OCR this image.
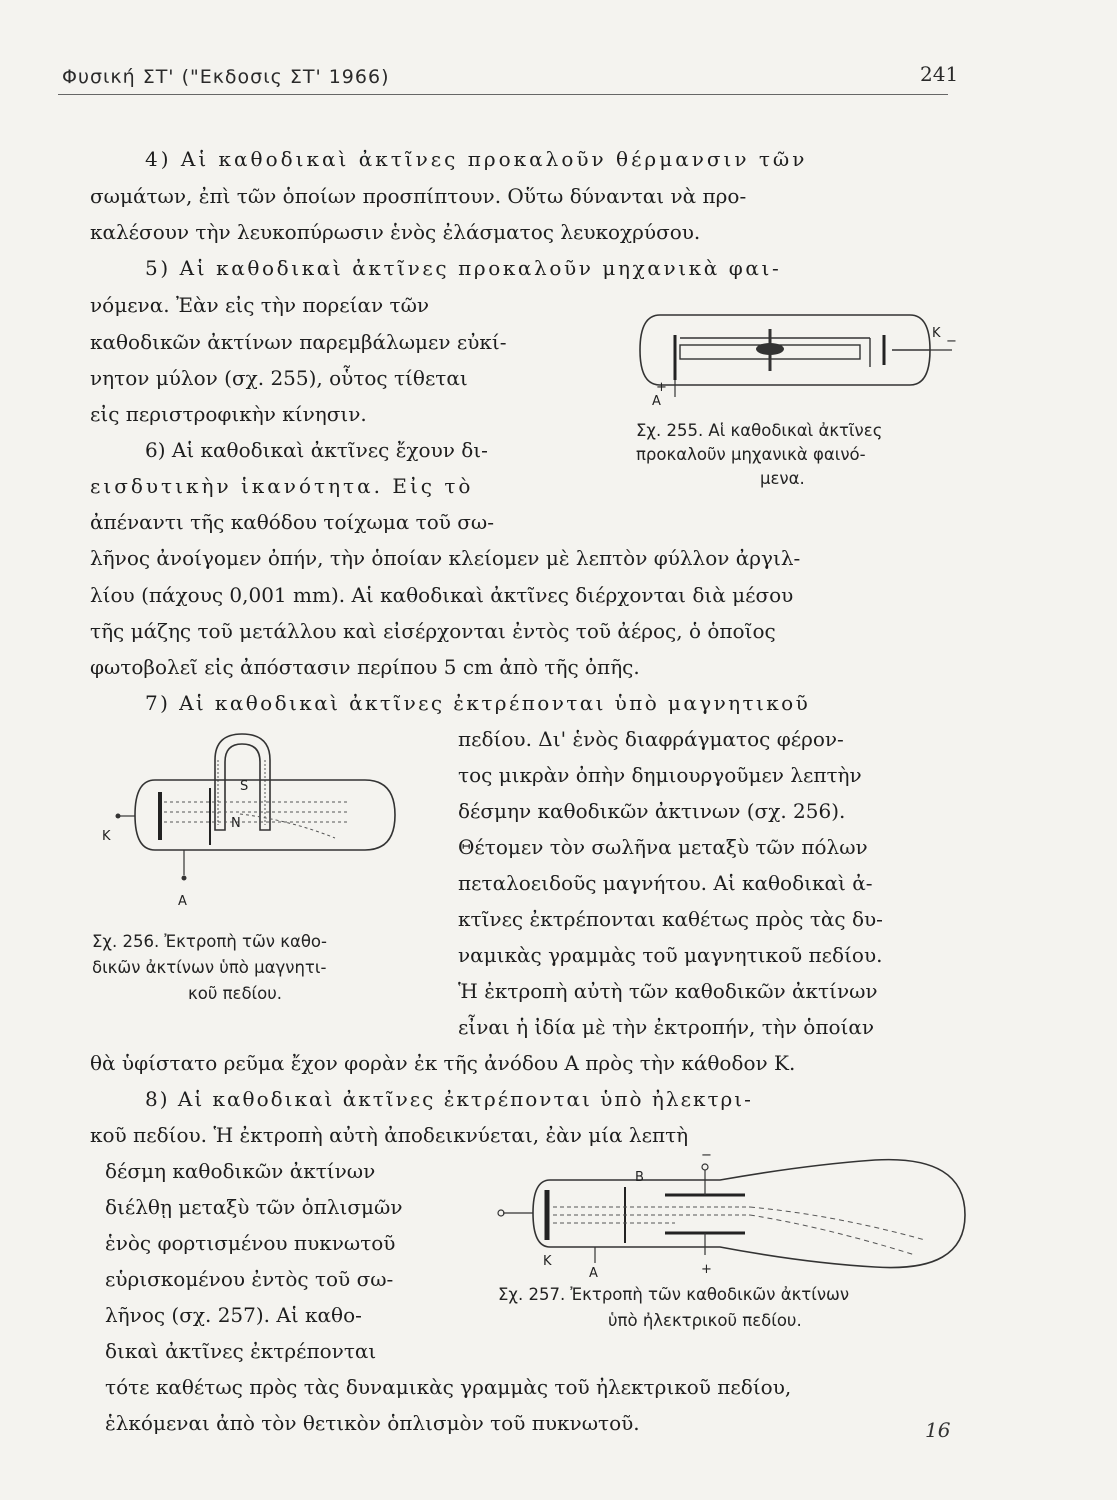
Φυσική ΣΤ' ("Εκδοσις ΣΤ' 1966)	241
4) Αἱ καθοδικαὶ ἀκτῖνες προκαλοῦν θέρμανσιν τῶν
σωμάτων, ἐπὶ τῶν ὁποίων προσπίπτουν. Οὕτω δύνανται νὰ προ-
καλέσουν τὴν λευκοπύρωσιν ἑνὸς ἐλάσματος λευκοχρύσου.
5) Αἱ καθοδικαὶ ἀκτῖνες προκαλοῦν μηχανικὰ φαι-
νόμενα. Ἐὰν εἰς τὴν πορείαν τῶν
καθοδικῶν ἀκτίνων παρεμβάλωμεν εὐκί-
νητον μύλον (σχ. 255), οὗτος τίθεται
εἰς περιστροφικὴν κίνησιν.
6) Αἱ καθοδικαὶ ἀκτῖνες ἔχουν δι-
εισδυτικὴν ἱκανότητα. Εἰς τὸ
ἀπέναντι τῆς καθόδου τοίχωμα τοῦ σω-
λῆνος ἀνοίγομεν ὀπήν, τὴν ὁποίαν κλείομεν μὲ λεπτὸν φύλλον ἀργιλ-
λίου (πάχους 0,001 mm). Αἱ καθοδικαὶ ἀκτῖνες διέρχονται διὰ μέσου
τῆς μάζης τοῦ μετάλλου καὶ εἰσέρχονται ἐντὸς τοῦ ἀέρος, ὁ ὁποῖος
φωτοβολεῖ εἰς ἀπόστασιν περίπου 5 cm ἀπὸ τῆς ὀπῆς.
7) Αἱ καθοδικαὶ ἀκτῖνες ἐκτρέπονται ὑπὸ μαγνητικοῦ
πεδίου. Δι' ἑνὸς διαφράγματος φέρον-
τος μικρὰν ὀπὴν δημιουργοῦμεν λεπτὴν
δέσμην καθοδικῶν ἀκτινων (σχ. 256).
Θέτομεν τὸν σωλῆνα μεταξὺ τῶν πόλων
πεταλοειδοῦς μαγνήτου. Αἱ καθοδικαὶ ἀ-
κτῖνες ἐκτρέπονται καθέτως πρὸς τὰς δυ-
ναμικὰς γραμμὰς τοῦ μαγνητικοῦ πεδίου.
Ἡ ἐκτροπὴ αὐτὴ τῶν καθοδικῶν ἀκτίνων
εἶναι ἡ ἰδία μὲ τὴν ἐκτροπήν, τὴν ὁποίαν
θὰ ὑφίστατο ρεῦμα ἔχον φορὰν ἐκ τῆς ἀνόδου Α πρὸς τὴν κάθοδον Κ.
8) Αἱ καθοδικαὶ ἀκτῖνες ἐκτρέπονται ὑπὸ ἠλεκτρι-
κοῦ πεδίου. Ἡ ἐκτροπὴ αὐτὴ ἀποδεικνύεται, ἐὰν μία λεπτὴ
δέσμη καθοδικῶν ἀκτίνων
διέλθῃ μεταξὺ τῶν ὁπλισμῶν
ἑνὸς φορτισμένου πυκνωτοῦ
εὑρισκομένου ἐντὸς τοῦ σω-
λῆνος (σχ. 257). Αἱ καθο-
δικαὶ ἀκτῖνες ἐκτρέπονται
τότε καθέτως πρὸς τὰς δυναμικὰς γραμμὰς τοῦ ἠλεκτρικοῦ πεδίου,
ἑλκόμεναι ἀπὸ τὸν θετικὸν ὁπλισμὸν τοῦ πυκνωτοῦ.
Κ
−
+
Α
Σχ. 255. Αἱ καθοδικαὶ ἀκτῖνες
προκαλοῦν μηχανικὰ φαινό-
μενα.
Κ
Α
N
S
Σχ. 256. Ἐκτροπὴ τῶν καθο-
δικῶν ἀκτίνων ὑπὸ μαγνητι-
κοῦ πεδίου.
Β
−
+
Κ
Α
Σχ. 257. Ἐκτροπὴ τῶν καθοδικῶν ἀκτίνων
ὑπὸ ἠλεκτρικοῦ πεδίου.
16
